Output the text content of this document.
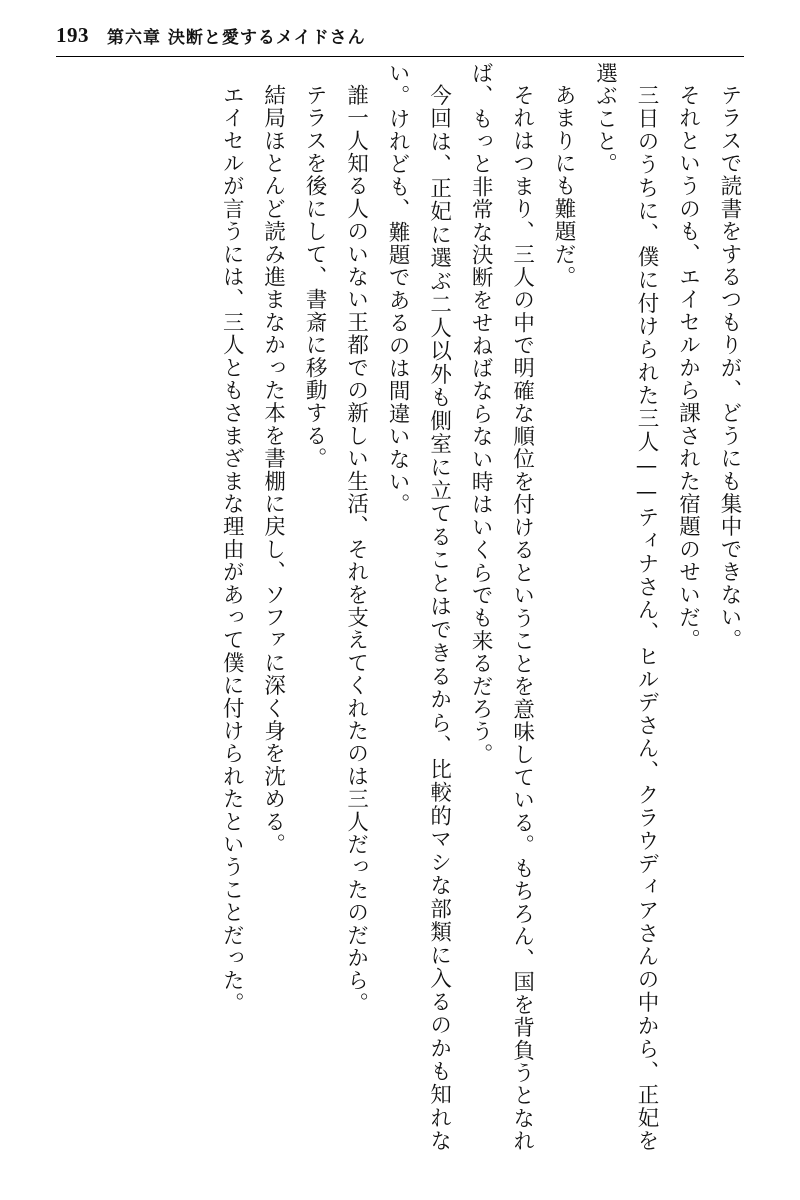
193 第六章 決断と愛するメイドさん

テラスで読書をするつもりが、どうにも集中できない。

それというのも、エイセルから課された宿題のせいだ。

三日のうちに、僕に付けられた三人——ティナさん、ヒルデさん、クラウディアさんの中から、正妃を選ぶこと。

あまりにも難題だ。

それはつまり、三人の中で明確な順位を付けるということを意味している。もちろん、国を背負うとなれば、もっと非常な決断をせねばならない時はいくらでも来るだろう。

今回は、正妃に選ぶ二人以外も側室に立てることはできるから、比較的マシな部類に入るのかも知れない。けれども、難題であるのは間違いない。

誰一人知る人のいない王都での新しい生活、それを支えてくれたのは三人だったのだから。

テラスを後にして、書斎に移動する。

結局ほとんど読み進まなかった本を書棚に戻し、ソファに深く身を沈める。

エイセルが言うには、三人ともさまざまな理由があって僕に付けられたということだった。
